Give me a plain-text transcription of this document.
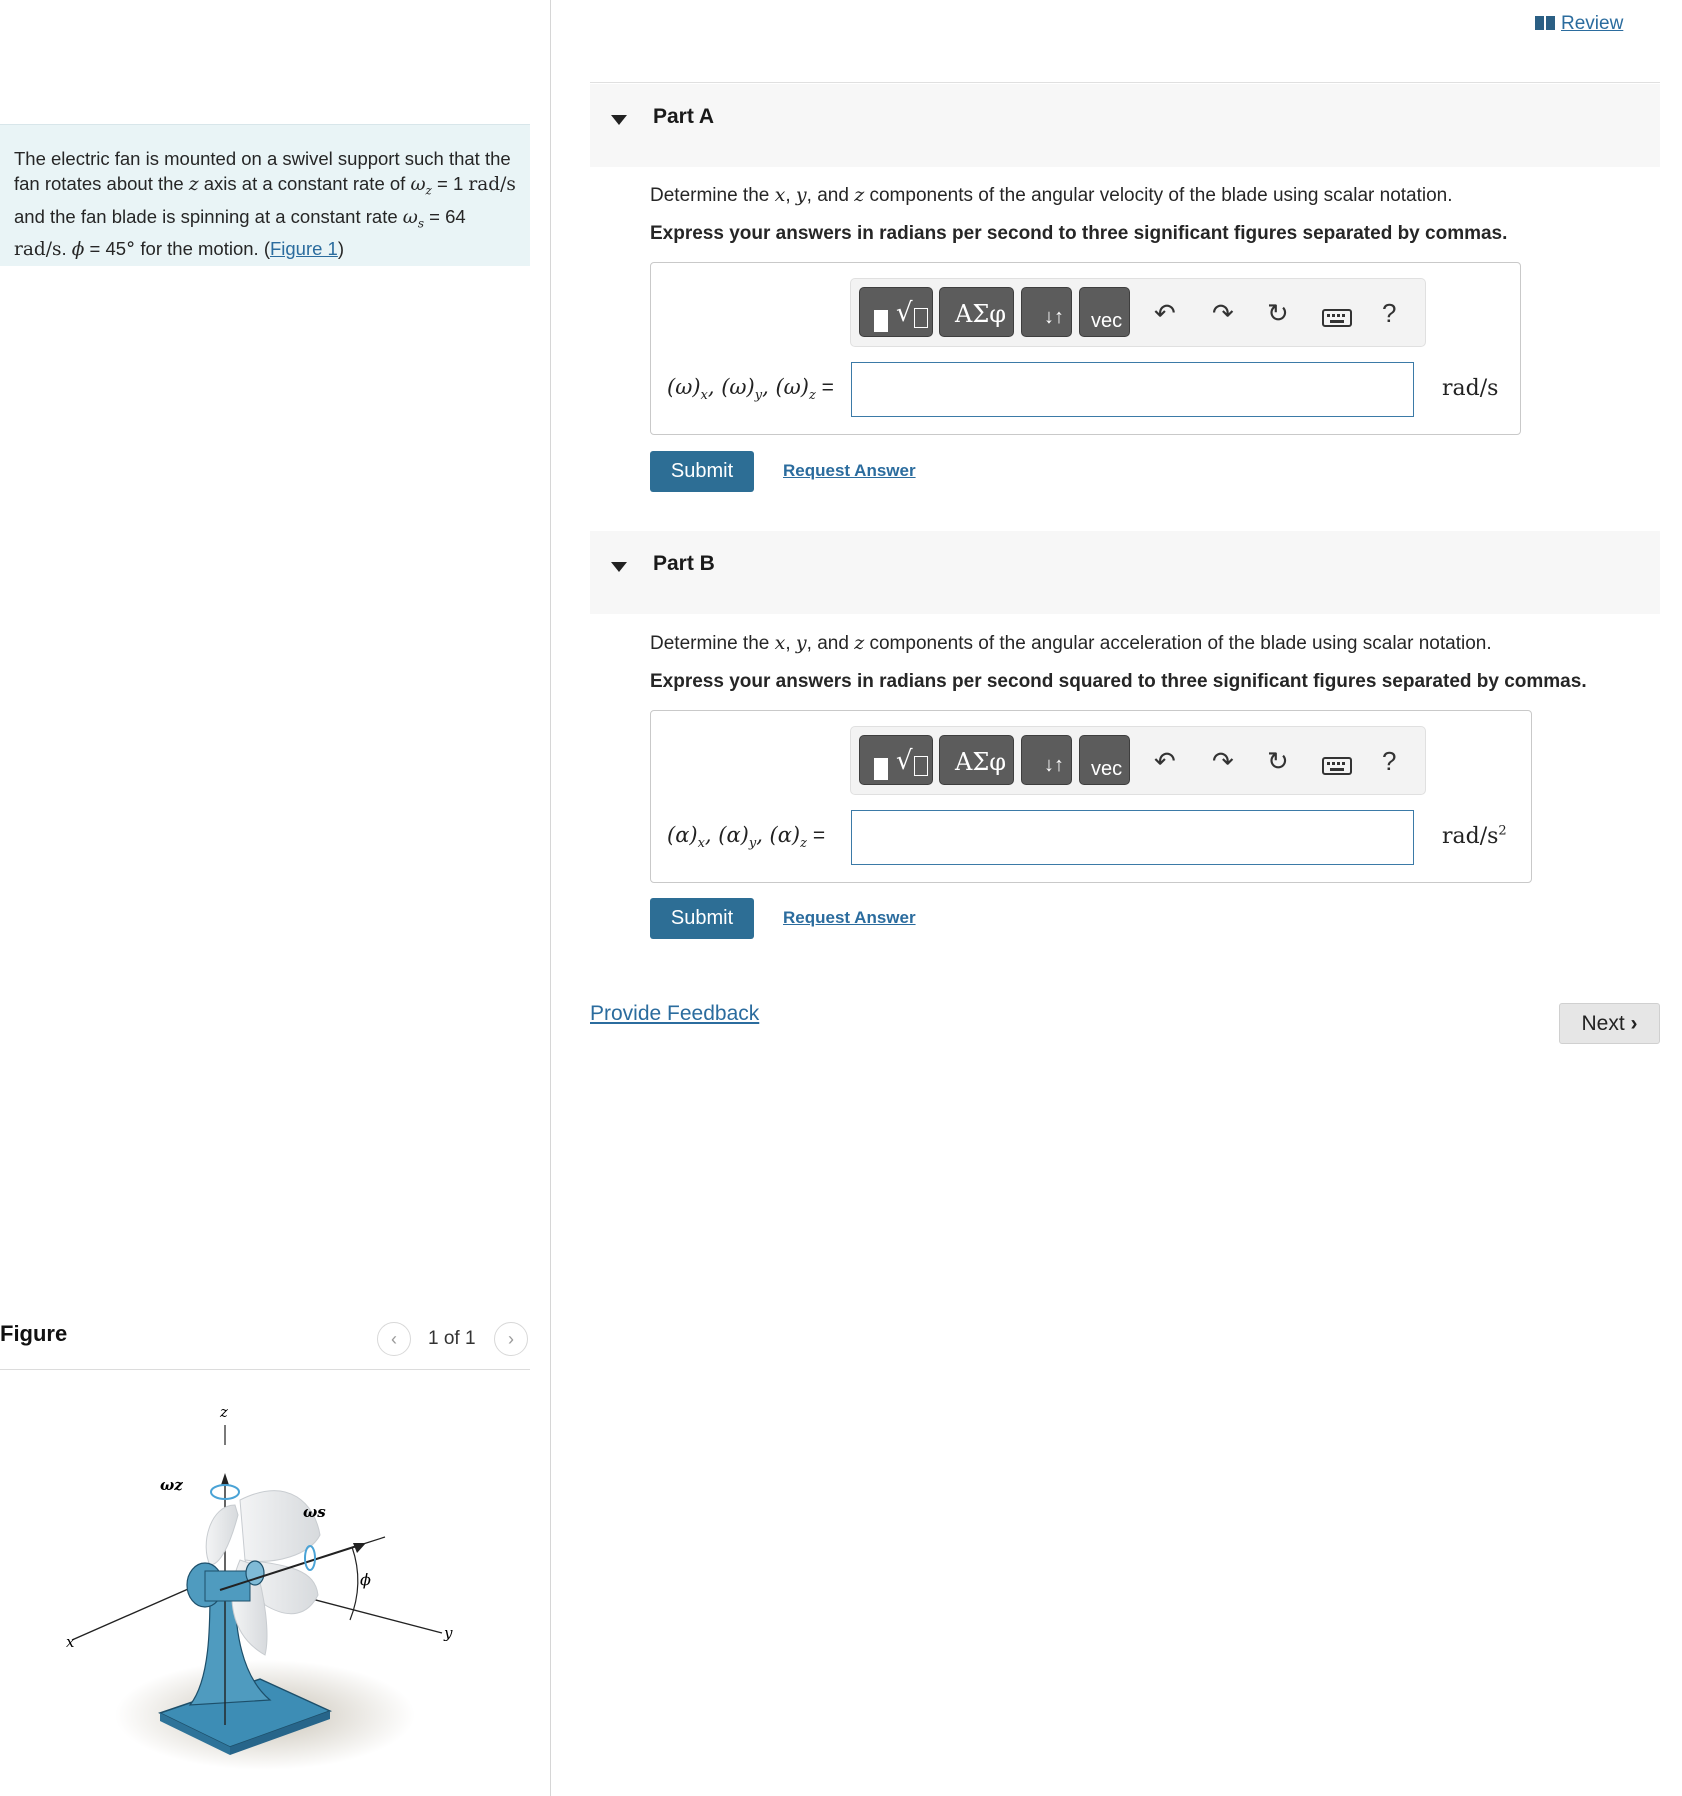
The electric fan is mounted on a swivel support such that the fan rotates about the z axis at a constant rate of $\omega_z = 1$ rad/s and the fan blade is spinning at a constant rate $\omega_s = 64$ rad/s. ϕ = 45° for the motion. (Figure 1)
Figure	‹	1 of 1	›
x	y
z
ωz
ωs
ϕ
Review
Part A
Determine the x, y, and z components of the angular velocity of the blade using scalar notation.
Express your answers in radians per second to three significant figures separated by commas.
√ ΑΣφ ↓↑ vec ↶ ↷ ↻	?
$(\omega)_x$, $(\omega)_y$, $(\omega)_z$ =	rad/s
Submit	Request Answer
Part B
Determine the x, y, and z components of the angular acceleration of the blade using scalar notation.
Express your answers in radians per second squared to three significant figures separated by commas.
√ ΑΣφ ↓↑ vec ↶ ↷ ↻	?
$(\alpha)_x$, $(\alpha)_y$, $(\alpha)_z$ =	rad/$s^2$
Submit	Request Answer
Provide Feedback	Next ›
